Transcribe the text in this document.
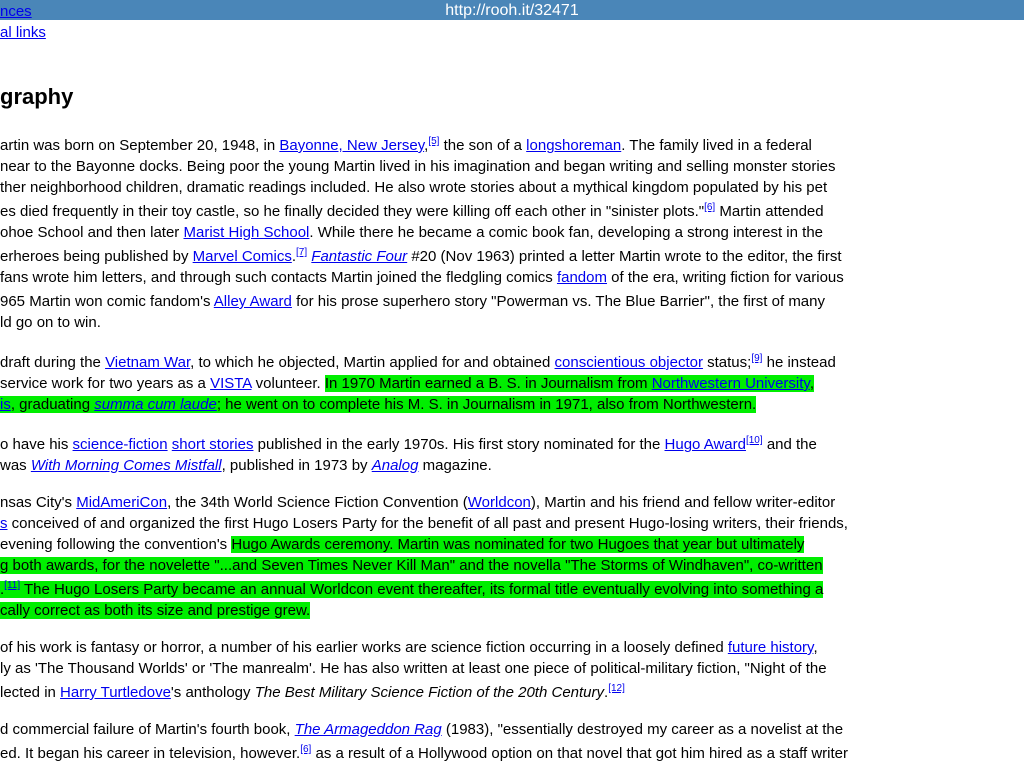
http://rooh.it/32471
nces
al links
graphy
artin was born on September 20, 1948, in Bayonne, New Jersey,[5] the son of a longshoreman. The family lived in a federal
near to the Bayonne docks. Being poor the young Martin lived in his imagination and began writing and selling monster stories
ther neighborhood children, dramatic readings included. He also wrote stories about a mythical kingdom populated by his pet
es died frequently in their toy castle, so he finally decided they were killing off each other in "sinister plots."[6] Martin attended
ohoe School and then later Marist High School. While there he became a comic book fan, developing a strong interest in the
erheroes being published by Marvel Comics.[7] Fantastic Four #20 (Nov 1963) printed a letter Martin wrote to the editor, the first
fans wrote him letters, and through such contacts Martin joined the fledgling comics fandom of the era, writing fiction for various
965 Martin won comic fandom's Alley Award for his prose superhero story "Powerman vs. The Blue Barrier", the first of many
ld go on to win.
draft during the Vietnam War, to which he objected, Martin applied for and obtained conscientious objector status;[9] he instead
service work for two years as a VISTA volunteer. In 1970 Martin earned a B. S. in Journalism from Northwestern University,
is, graduating summa cum laude; he went on to complete his M. S. in Journalism in 1971, also from Northwestern.
o have his science-fiction short stories published in the early 1970s. His first story nominated for the Hugo Award[10] and the
was With Morning Comes Mistfall, published in 1973 by Analog magazine.
nsas City's MidAmeriCon, the 34th World Science Fiction Convention (Worldcon), Martin and his friend and fellow writer-editor
s conceived of and organized the first Hugo Losers Party for the benefit of all past and present Hugo-losing writers, their friends,
evening following the convention's Hugo Awards ceremony. Martin was nominated for two Hugoes that year but ultimately
g both awards, for the novelette "...and Seven Times Never Kill Man" and the novella "The Storms of Windhaven", co-written
.[11] The Hugo Losers Party became an annual Worldcon event thereafter, its formal title eventually evolving into something a
cally correct as both its size and prestige grew.
of his work is fantasy or horror, a number of his earlier works are science fiction occurring in a loosely defined future history,
ly as 'The Thousand Worlds' or 'The manrealm'. He has also written at least one piece of political-military fiction, "Night of the
lected in Harry Turtledove's anthology The Best Military Science Fiction of the 20th Century.[12]
d commercial failure of Martin's fourth book, The Armageddon Rag (1983), "essentially destroyed my career as a novelist at the
ed. It began his career in television, however.[6] as a result of a Hollywood option on that novel that got him hired as a staff writer
